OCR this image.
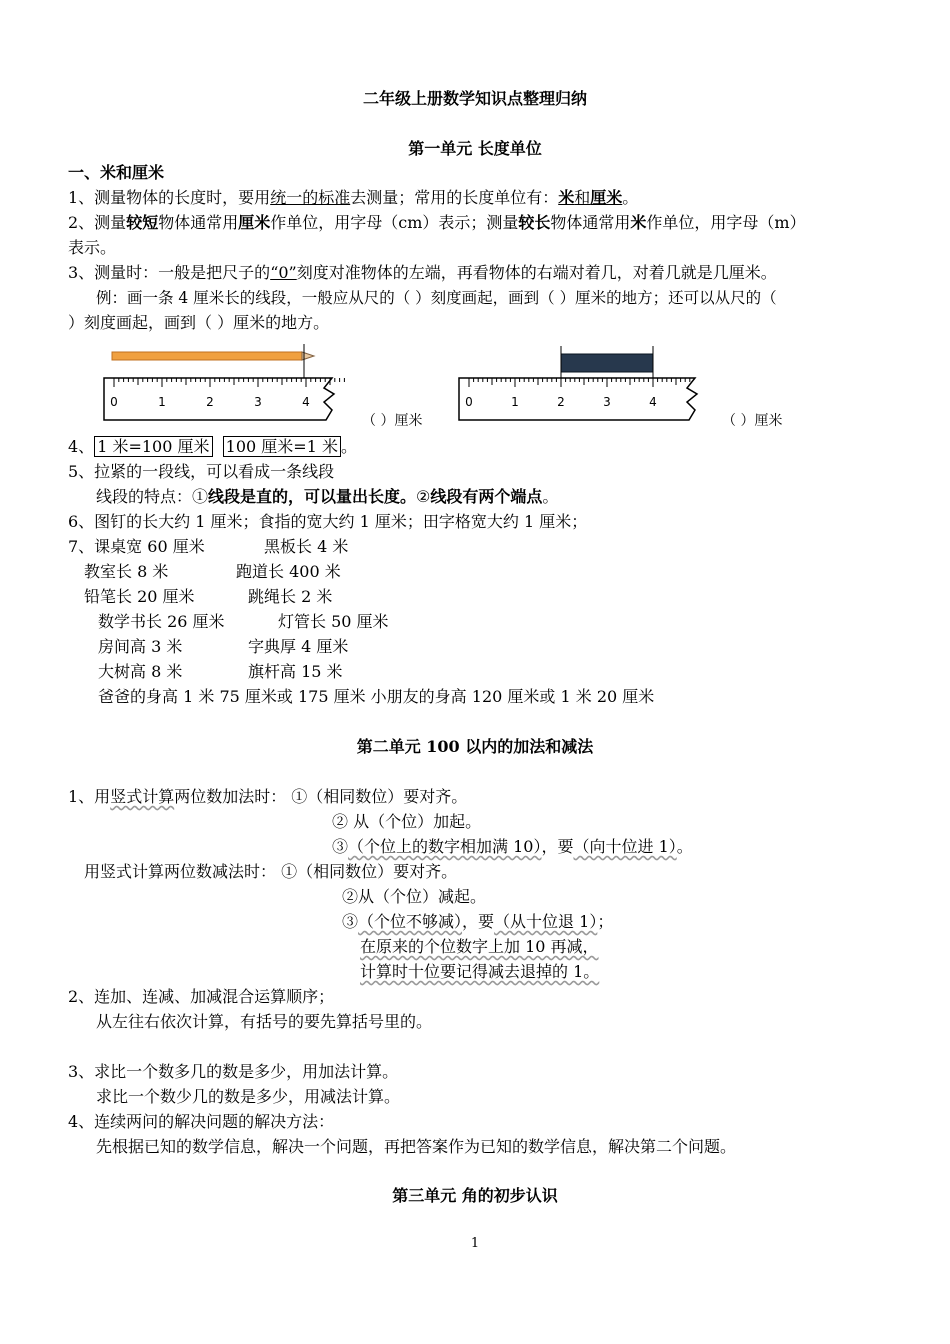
二年级上册数学知识点整理归纳
第一单元 长度单位
一、米和厘米
1、测量物体的长度时，要用统一的标准去测量；常用的长度单位有：米和厘米。
2、测量较短物体通常用厘米作单位，用字母（cm）表示；测量较长物体通常用米作单位，用字母（m）
表示。
3、测量时：一般是把尺子的“0”刻度对准物体的左端，再看物体的右端对着几，对着几就是几厘米。
例：画一条 4 厘米长的线段，一般应从尺的（ ）刻度画起，画到（ ）厘米的地方；还可以从尺的（
）刻度画起，画到（ ）厘米的地方。
0	1	2	3	4
（ ）厘米
0	1	2	3	4
（ ）厘米
4、 1 米=100 厘米 100 厘米=1 米 。
5、拉紧的一段线，可以看成一条线段
线段的特点：①线段是直的，可以量出长度。②线段有两个端点。
6、图钉的长大约 1 厘米；食指的宽大约 1 厘米；田字格宽大约 1 厘米；
7、课桌宽 60 厘米	黑板长 4 米
教室长 8 米	跑道长 400 米
铅笔长 20 厘米	跳绳长 2 米
数学书长 26 厘米	灯管长 50 厘米
房间高 3 米	字典厚 4 厘米
大树高 8 米	旗杆高 15 米
爸爸的身高 1 米 75 厘米或 175 厘米 小朋友的身高 120 厘米或 1 米 20 厘米
第二单元 100 以内的加法和减法
1、用竖式计算两位数加法时： ①（相同数位）要对齐。
② 从（个位）加起。
③（个位上的数字相加满 10），要（向十位进 1）。
用竖式计算两位数减法时： ①（相同数位）要对齐。
②从（个位）减起。
③（个位不够减），要（从十位退 1）；
在原来的个位数字上加 10 再减，
计算时十位要记得减去退掉的 1。
2、连加、连减、加减混合运算顺序；
从左往右依次计算，有括号的要先算括号里的。
3、求比一个数多几的数是多少，用加法计算。
求比一个数少几的数是多少，用减法计算。
4、连续两问的解决问题的解决方法：
先根据已知的数学信息，解决一个问题，再把答案作为已知的数学信息，解决第二个问题。
第三单元 角的初步认识
1
